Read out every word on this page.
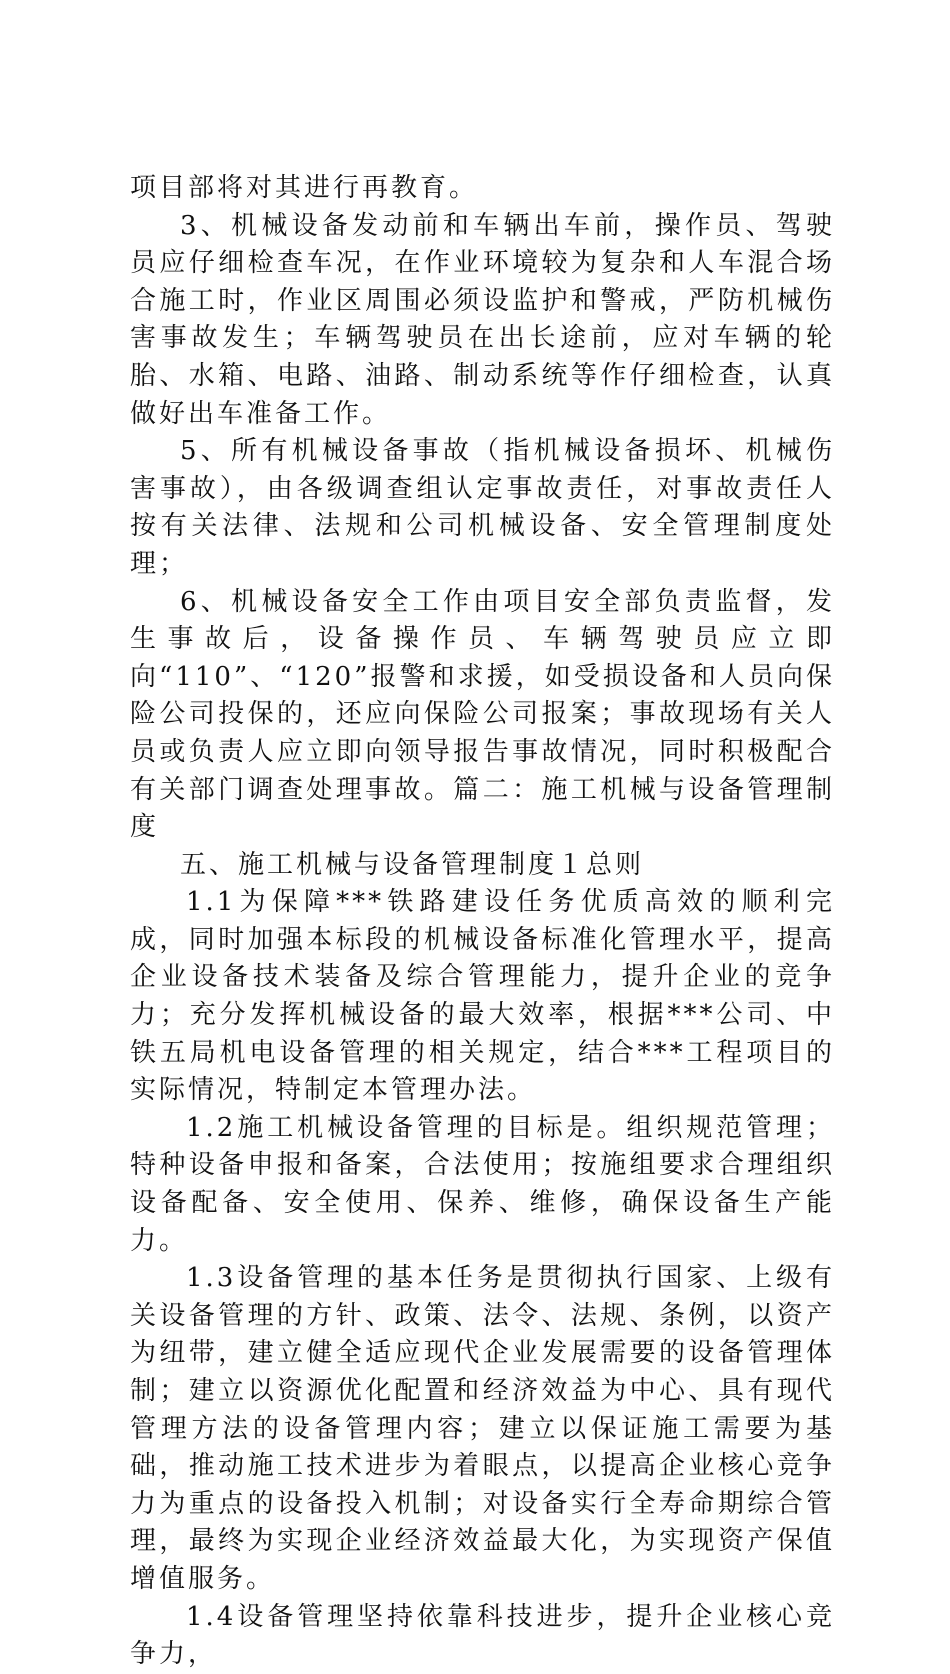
项目部将对其进行再教育。

3、机械设备发动前和车辆出车前，操作员、驾驶员应仔细检查车况，在作业环境较为复杂和人车混合场合施工时，作业区周围必须设监护和警戒，严防机械伤害事故发生；车辆驾驶员在出长途前，应对车辆的轮胎、水箱、电路、油路、制动系统等作仔细检查，认真做好出车准备工作。

5、所有机械设备事故（指机械设备损坏、机械伤害事故），由各级调查组认定事故责任，对事故责任人按有关法律、法规和公司机械设备、安全管理制度处理；

6、机械设备安全工作由项目安全部负责监督，发生事故后，设备操作员、车辆驾驶员应立即向“110”、“120”报警和求援，如受损设备和人员向保险公司投保的，还应向保险公司报案；事故现场有关人员或负责人应立即向领导报告事故情况，同时积极配合有关部门调查处理事故。篇二：施工机械与设备管理制度

五、施工机械与设备管理制度１总则

1.1为保障***铁路建设任务优质高效的顺利完成，同时加强本标段的机械设备标准化管理水平，提高企业设备技术装备及综合管理能力，提升企业的竞争力；充分发挥机械设备的最大效率，根据***公司、中铁五局机电设备管理的相关规定，结合***工程项目的实际情况，特制定本管理办法。

1.2施工机械设备管理的目标是。组织规范管理；特种设备申报和备案，合法使用；按施组要求合理组织设备配备、安全使用、保养、维修，确保设备生产能力。

1.3设备管理的基本任务是贯彻执行国家、上级有关设备管理的方针、政策、法令、法规、条例，以资产为纽带，建立健全适应现代企业发展需要的设备管理体制；建立以资源优化配置和经济效益为中心、具有现代管理方法的设备管理内容；建立以保证施工需要为基础，推动施工技术进步为着眼点，以提高企业核心竞争力为重点的设备投入机制；对设备实行全寿命期综合管理，最终为实现企业经济效益最大化，为实现资产保值增值服务。

1.4设备管理坚持依靠科技进步，提升企业核心竞争力，
